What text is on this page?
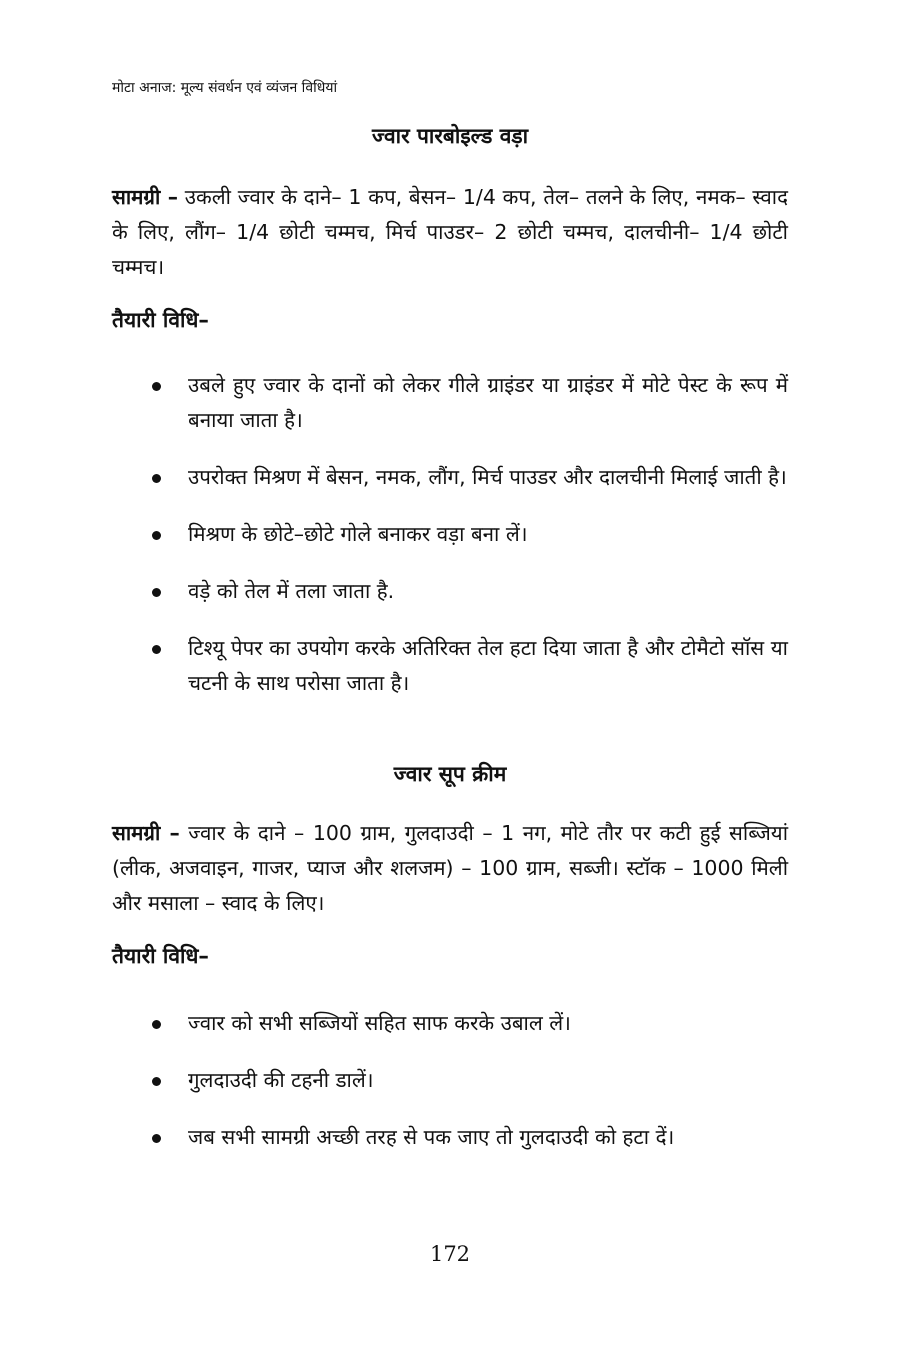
मोटा अनाज: मूल्य संवर्धन एवं व्यंजन विधियां
ज्वार पारबोइल्ड वड़ा
सामग्री – उकली ज्वार के दाने– 1 कप, बेसन– 1/4 कप, तेल– तलने के लिए, नमक– स्वाद के लिए, लौंग– 1/4 छोटी चम्मच, मिर्च पाउडर– 2 छोटी चम्मच, दालचीनी– 1/4 छोटी चम्मच।
तैयारी विधि–
उबले हुए ज्वार के दानों को लेकर गीले ग्राइंडर या ग्राइंडर में मोटे पेस्ट के रूप में बनाया जाता है।
उपरोक्त मिश्रण में बेसन, नमक, लौंग, मिर्च पाउडर और दालचीनी मिलाई जाती है।
मिश्रण के छोटे–छोटे गोले बनाकर वड़ा बना लें।
वड़े को तेल में तला जाता है.
टिश्यू पेपर का उपयोग करके अतिरिक्त तेल हटा दिया जाता है और टोमैटो सॉस या चटनी के साथ परोसा जाता है।
ज्वार सूप क्रीम
सामग्री – ज्वार के दाने – 100 ग्राम, गुलदाउदी – 1 नग, मोटे तौर पर कटी हुई सब्जियां (लीक, अजवाइन, गाजर, प्याज और शलजम) – 100 ग्राम, सब्जी। स्टॉक – 1000 मिली और मसाला – स्वाद के लिए।
तैयारी विधि–
ज्वार को सभी सब्जियों सहित साफ करके उबाल लें।
गुलदाउदी की टहनी डालें।
जब सभी सामग्री अच्छी तरह से पक जाए तो गुलदाउदी को हटा दें।
172
